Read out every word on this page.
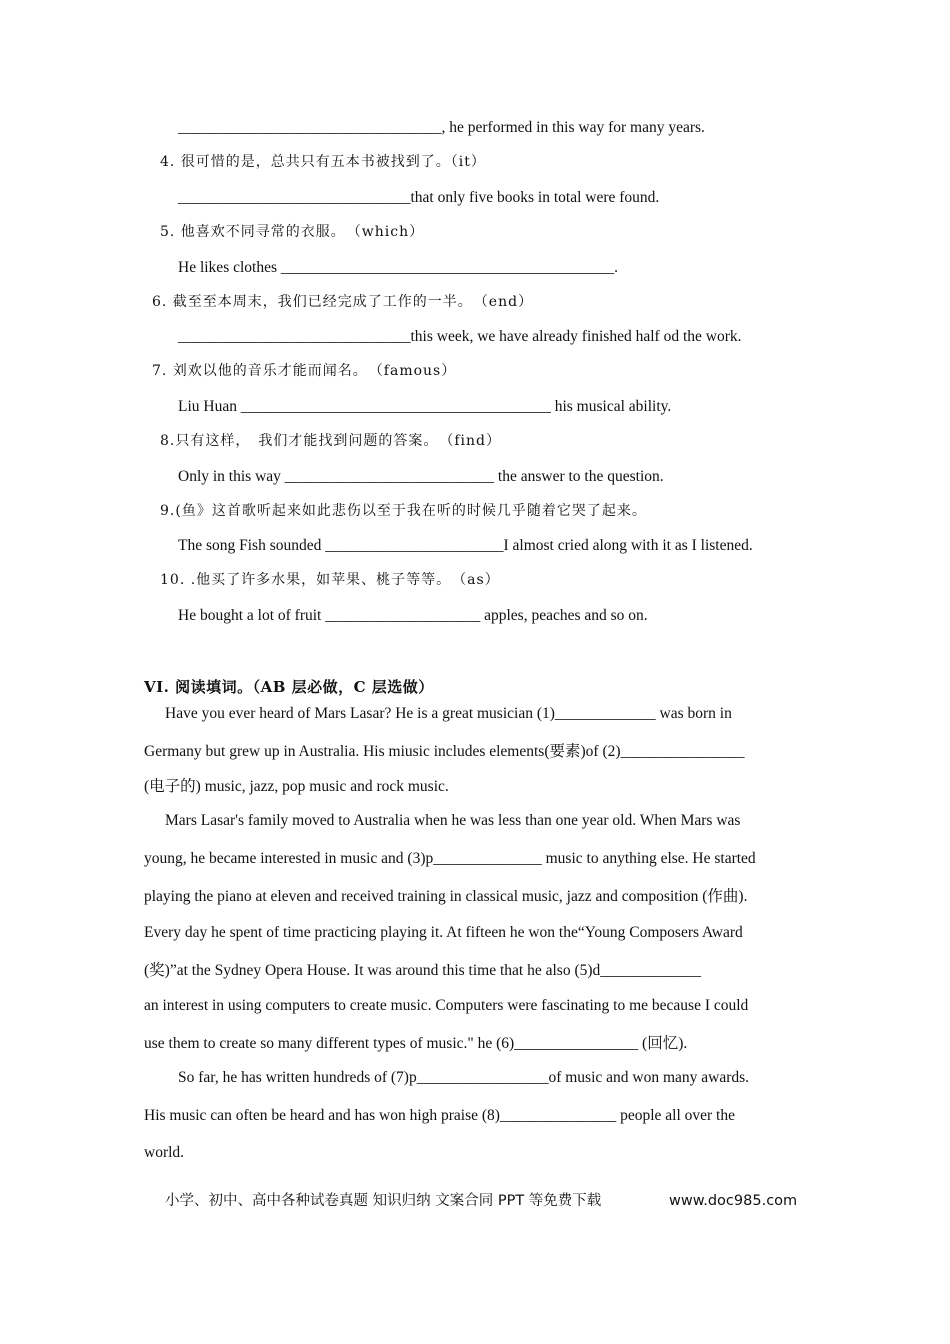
__________________________________, he performed in this way for many years.
4. 很可惜的是，总共只有五本书被找到了。（it）
______________________________that only five books in total were found.
5. 他喜欢不同寻常的衣服。　（which）
He likes clothes ___________________________________________.
6. 截至至本周末，我们已经完成了工作的一半。　（end）
______________________________this week, we have already finished half od the work.
7. 刘欢以他的音乐才能而闻名。　（famous）
Liu Huan ________________________________________ his musical ability.
8.只有这样，　我们才能找到问题的答案。　（find）
Only in this way ___________________________ the answer to the question.
9.(鱼》这首歌听起来如此悲伤以至于我在听的时候几乎随着它哭了起来。
The song Fish sounded _______________________I almost cried along with it as I listened.
10. .他买了许多水果，如苹果、桃子等等。　（as）
He bought a lot of fruit ____________________ apples, peaches and so on.
VI. 阅读填词。（AB 层必做，C 层选做）
Have you ever heard of Mars Lasar? He is a great musician (1)_____________ was born in
Germany but grew up in Australia. His miusic includes elements(要素)of (2)________________
(电子的) music, jazz, pop music and rock music.
Mars Lasar's family moved to Australia when he was less than one year old. When Mars was
young, he became interested in music and (3)p______________ music to anything else. He started
playing the piano at eleven and received training in classical music, jazz and composition (作曲).
Every day he spent of time practicing playing it. At fifteen he won the“Young Composers Award
(奖)”at the Sydney Opera House. It was around this time that he also (5)d_____________
an interest in using computers to create music. Computers were fascinating to me because I could
use them to create so many different types of music." he (6)________________ (回忆).
So far, he has written hundreds of (7)p_________________of music and won many awards.
His music can often be heard and has won high praise (8)_______________ people all over the
world.
小学、初中、高中各种试卷真题 知识归纳 文案合同 PPT 等免费下载	www.doc985.com
